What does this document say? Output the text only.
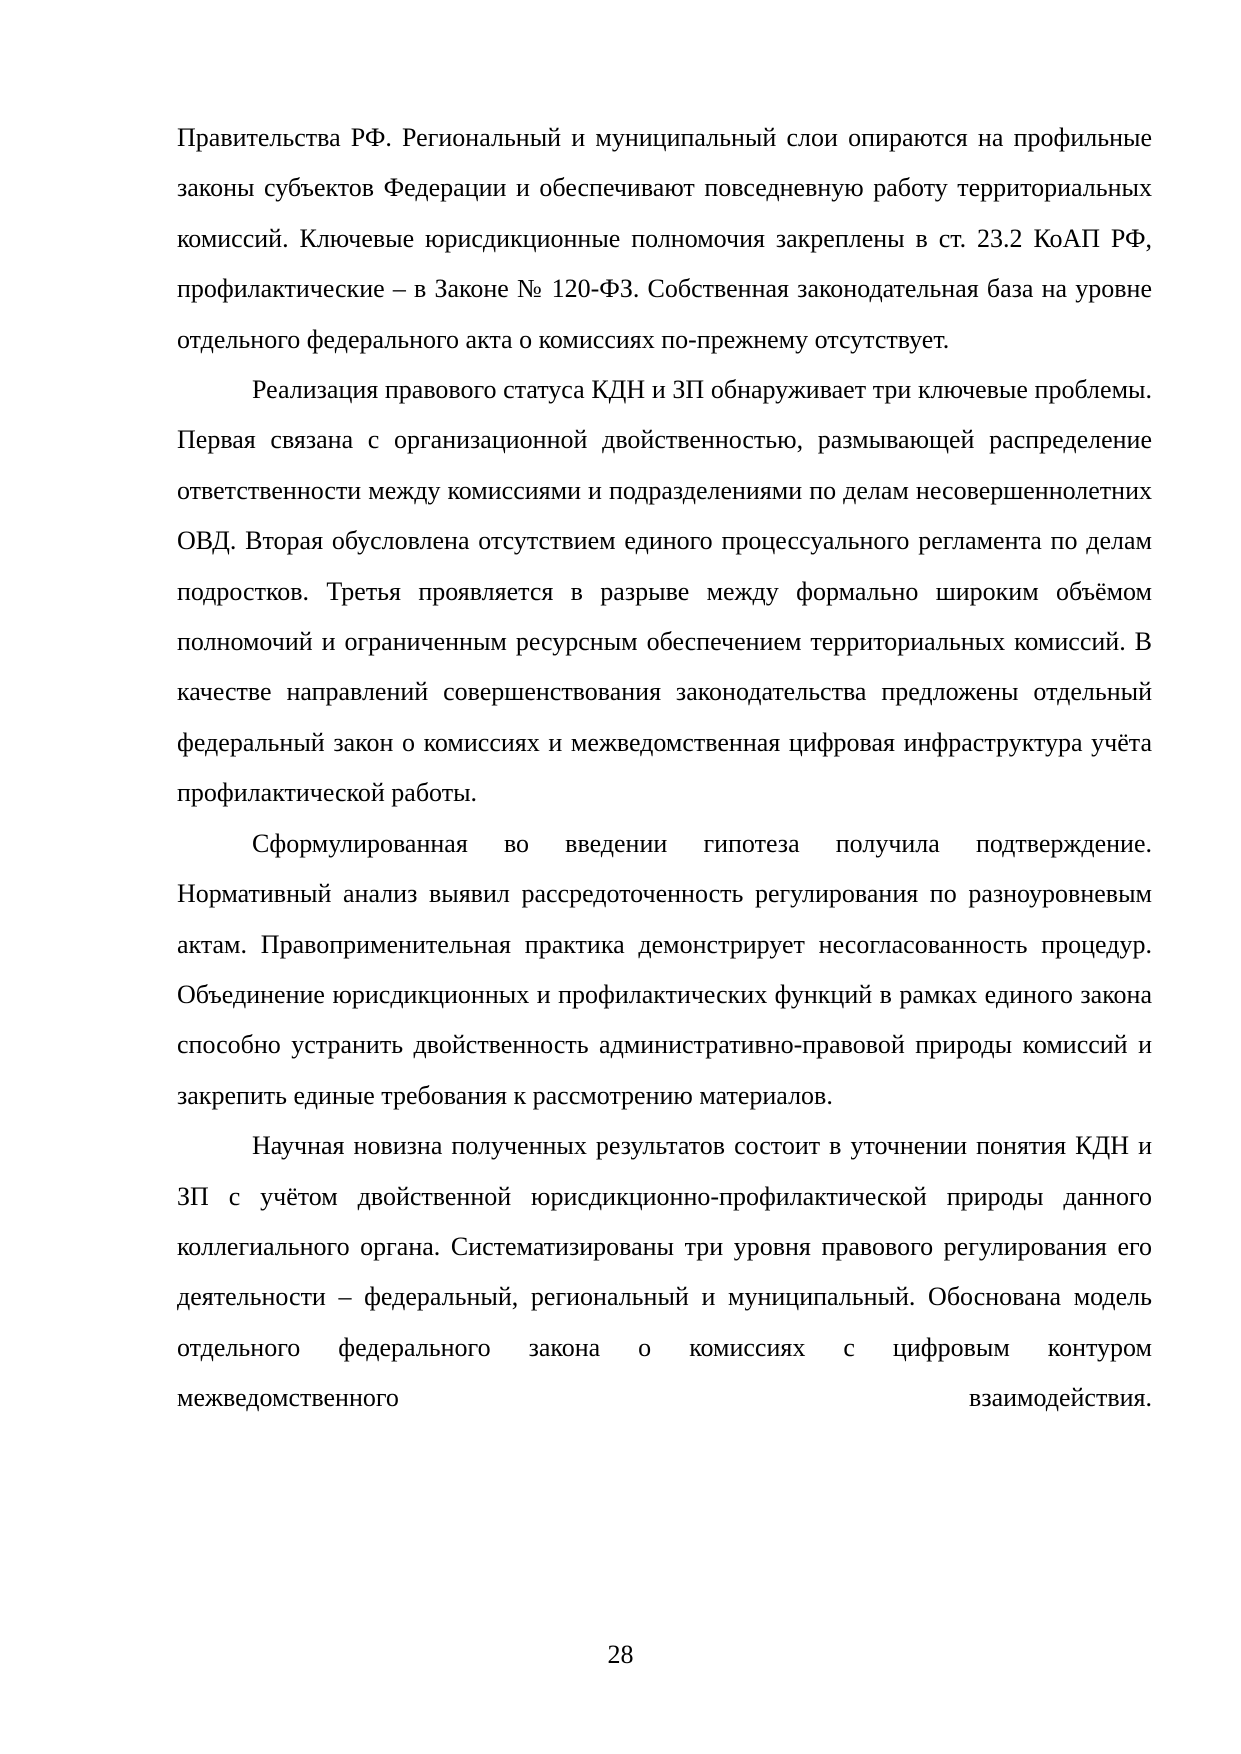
Правительства РФ. Региональный и муниципальный слои опираются на профильные законы субъектов Федерации и обеспечивают повседневную работу территориальных комиссий. Ключевые юрисдикционные полномочия закреплены в ст. 23.2 КоАП РФ, профилактические – в Законе № 120-ФЗ. Собственная законодательная база на уровне отдельного федерального акта о комиссиях по-прежнему отсутствует.

Реализация правового статуса КДН и ЗП обнаруживает три ключевые проблемы. Первая связана с организационной двойственностью, размывающей распределение ответственности между комиссиями и подразделениями по делам несовершеннолетних ОВД. Вторая обусловлена отсутствием единого процессуального регламента по делам подростков. Третья проявляется в разрыве между формально широким объёмом полномочий и ограниченным ресурсным обеспечением территориальных комиссий. В качестве направлений совершенствования законодательства предложены отдельный федеральный закон о комиссиях и межведомственная цифровая инфраструктура учёта профилактической работы.

Сформулированная во введении гипотеза получила подтверждение. Нормативный анализ выявил рассредоточенность регулирования по разноуровневым актам. Правоприменительная практика демонстрирует несогласованность процедур. Объединение юрисдикционных и профилактических функций в рамках единого закона способно устранить двойственность административно-правовой природы комиссий и закрепить единые требования к рассмотрению материалов.

Научная новизна полученных результатов состоит в уточнении понятия КДН и ЗП с учётом двойственной юрисдикционно-профилактической природы данного коллегиального органа. Систематизированы три уровня правового регулирования его деятельности – федеральный, региональный и муниципальный. Обоснована модель отдельного федерального закона о комиссиях с цифровым контуром межведомственного взаимодействия.

28
